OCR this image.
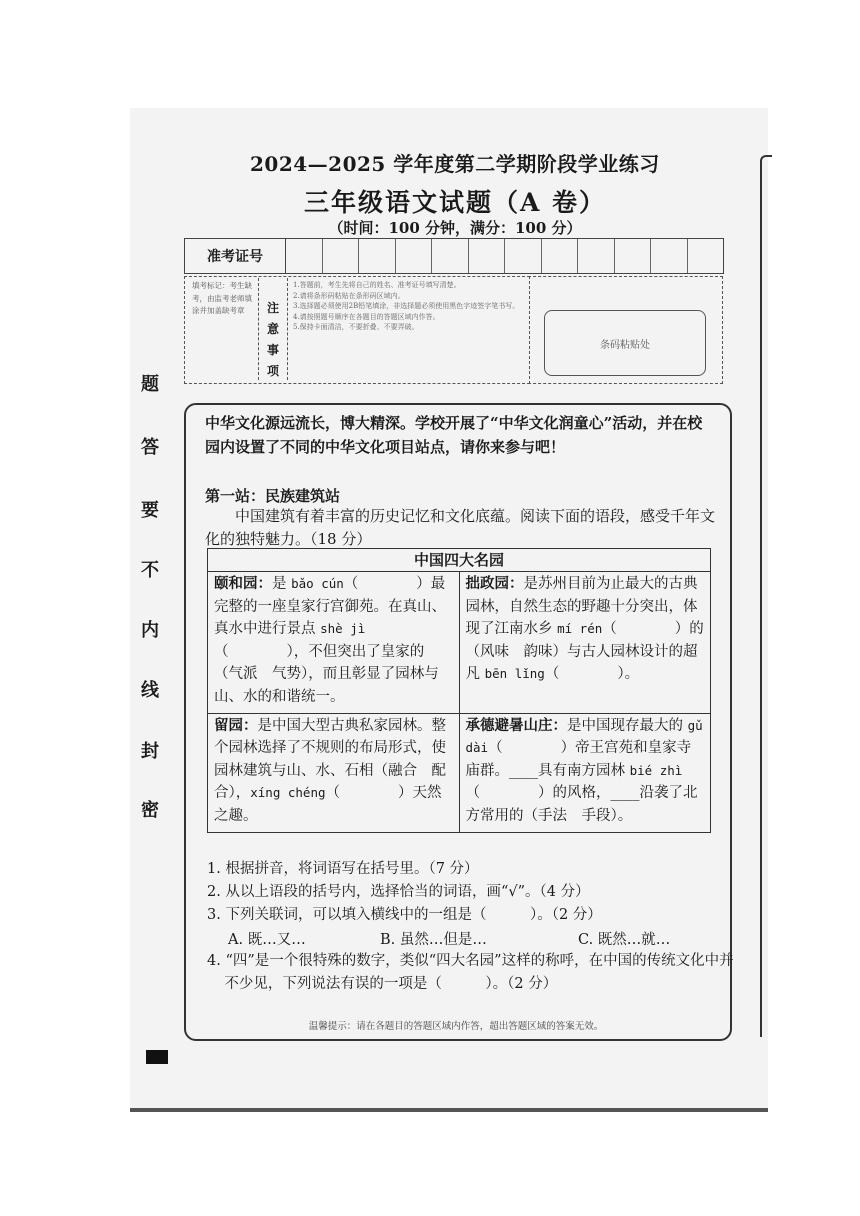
2024—2025 学年度第二学期阶段学业练习
三年级语文试题（A 卷）
（时间：100 分钟，满分：100 分）
准考证号
填考标记：考生缺考，由监考老师填涂并加盖缺考章	注
意
事
项
1.答题前，考生先将自己的姓名、准考证号填写清楚。
2.请将条形码粘贴在条形码区域内。
3.选择题必须使用2B铅笔填涂，非选择题必须使用黑色字迹签字笔书写。
4.请按照题号顺序在各题目的答题区域内作答。
5.保持卡面清洁，不要折叠、不要弄破。
条码粘贴处
题
答
要
不
内
线
封
密
中华文化源远流长，博大精深。学校开展了“中华文化润童心”活动，并在校园内设置了不同的中华文化项目站点，请你来参与吧！
第一站：民族建筑站
中国建筑有着丰富的历史记忆和文化底蕴。阅读下面的语段，感受千年文化的独特魅力。（18 分）
中国四大名园	
颐和园：是 bǎo cún（　　　　）最完整的一座皇家行宫御苑。在真山、真水中进行景点 shè jì（　　　　），不但突出了皇家的（气派　气势），而且彰显了园林与山、水的和谐统一。	拙政园：是苏州目前为止最大的古典园林，自然生态的野趣十分突出，体现了江南水乡 mí rén（　　　　）的（风味　韵味）与古人园林设计的超凡 bēn lǐng（　　　　）。
留园：是中国大型古典私家园林。整个园林选择了不规则的布局形式，使园林建筑与山、水、石相（融合　配合），xíng chéng（　　　　）天然之趣。	承德避暑山庄：是中国现存最大的 gǔ dài（　　　　）帝王宫苑和皇家寺庙群。____具有南方园林 bié zhì（　　　　）的风格，____沿袭了北方常用的（手法　手段）。
1. 根据拼音，将词语写在括号里。（7 分）
2. 从以上语段的括号内，选择恰当的词语，画“√”。（4 分）
3. 下列关联词，可以填入横线中的一组是（　　　）。（2 分）
A. 既…又…	B. 虽然…但是…	C. 既然…就…
4. “四”是一个很特殊的数字，类似“四大名园”这样的称呼，在中国的传统文化中并不少见，下列说法有误的一项是（　　　）。（2 分）
温馨提示：请在各题目的答题区域内作答，超出答题区域的答案无效。
